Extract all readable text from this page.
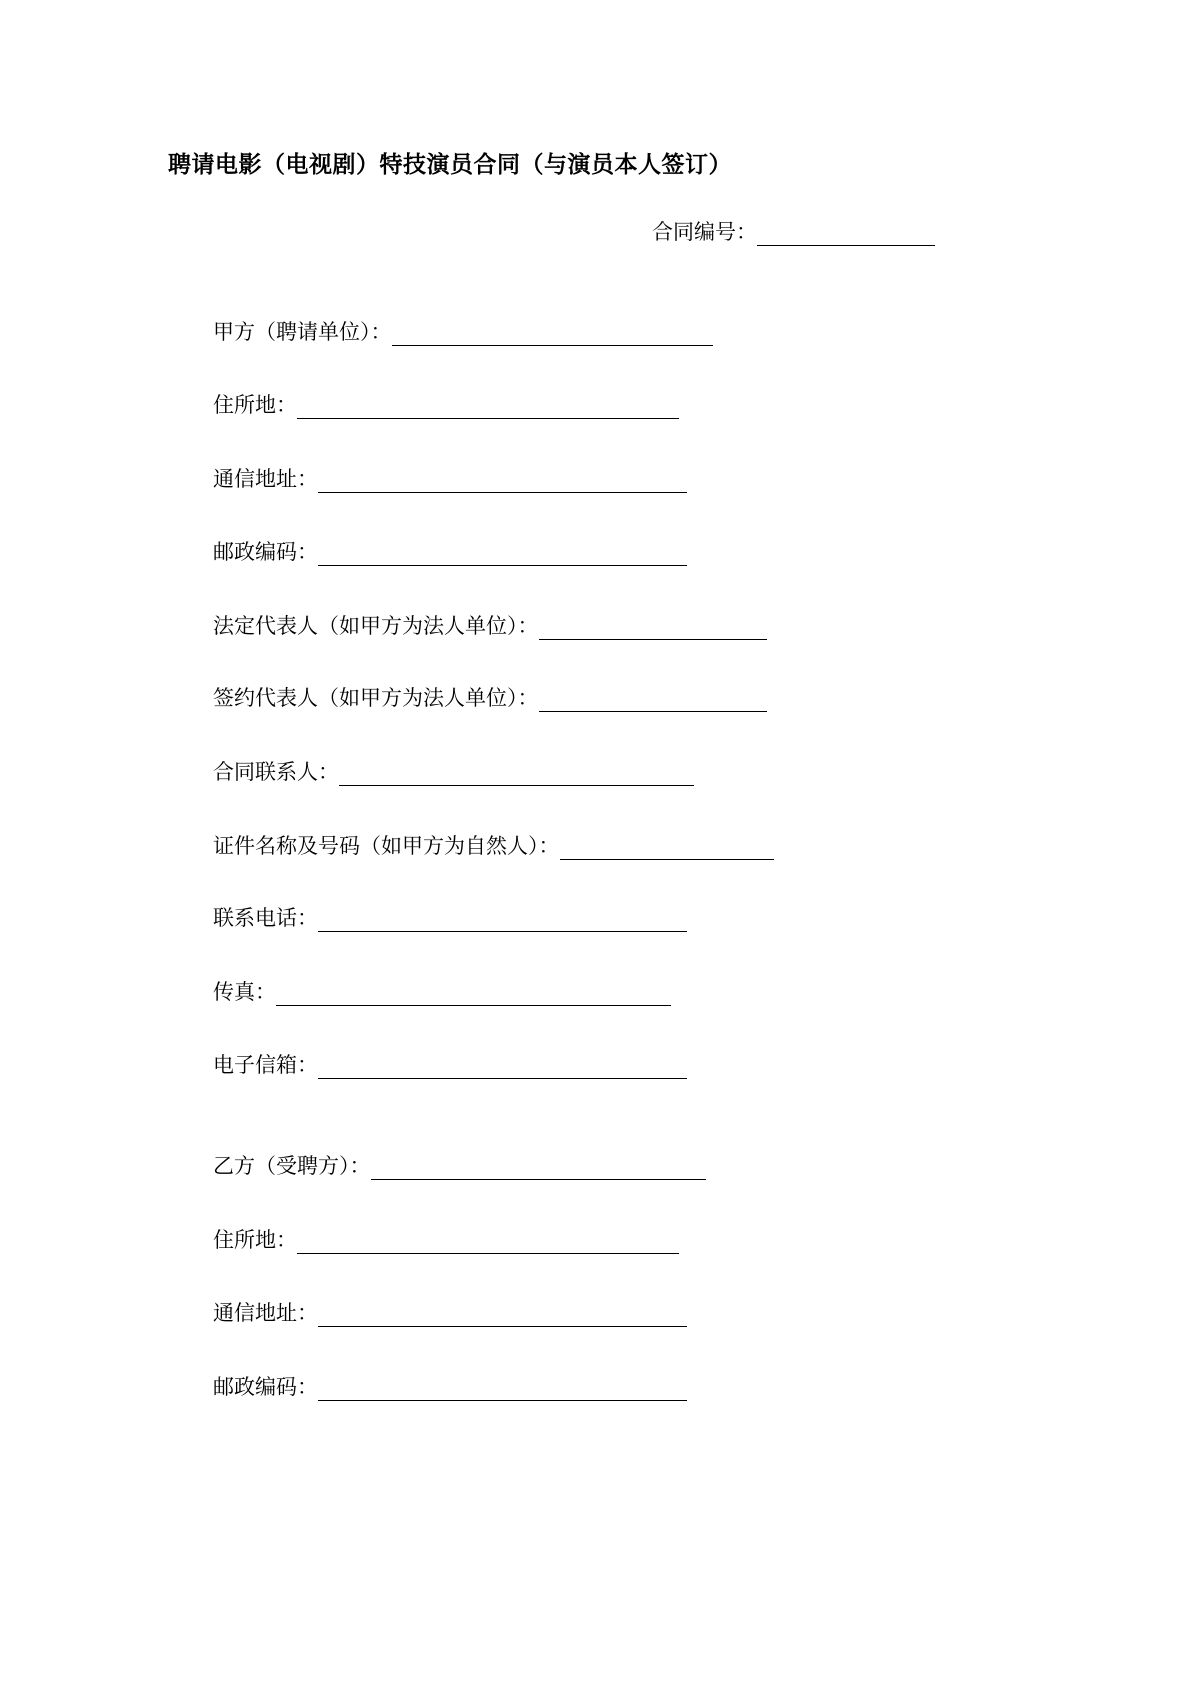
聘请电影（电视剧）特技演员合同（与演员本人签订）
合同编号：
甲方（聘请单位）：
住所地：
通信地址：
邮政编码：
法定代表人（如甲方为法人单位）：
签约代表人（如甲方为法人单位）：
合同联系人：
证件名称及号码（如甲方为自然人）：
联系电话：
传真：
电子信箱：
乙方（受聘方）：
住所地：
通信地址：
邮政编码：
